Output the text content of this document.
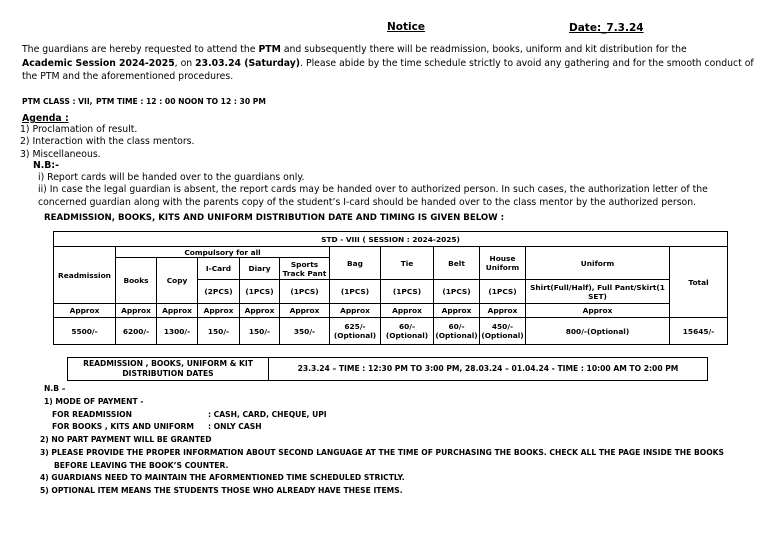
Notice	Date:_7.3.24
The guardians are hereby requested to attend the PTM and subsequently there will be readmission, books, uniform and kit distribution for the
Academic Session 2024-2025, on 23.03.24 (Saturday). Please abide by the time schedule strictly to avoid any gathering and for the smooth conduct of
the PTM and the aforementioned procedures.
PTM CLASS : VII, PTM TIME : 12 : 00 NOON TO 12 : 30 PM
Agenda :
1) Proclamation of result.
2) Interaction with the class mentors.
3) Miscellaneous.
N.B:-
i) Report cards will be handed over to the guardians only.
ii) In case the legal guardian is absent, the report cards may be handed over to authorized person. In such cases, the authorization letter of the
concerned guardian along with the parents copy of the student’s I-card should be handed over to the class mentor by the authorized person.
READMISSION, BOOKS, KITS AND UNIFORM DISTRIBUTION DATE AND TIMING IS GIVEN BELOW :
STD - VIII ( SESSION : 2024-2025)											
Readmission	Compulsory for all					Bag	Tie	Belt	House Uniform	Uniform	Total
	Books	Copy	I-Card	Diary	Sports Track Pant						
			(2PCS)	(1PCS)	(1PCS)	(1PCS)	(1PCS)	(1PCS)	(1PCS)	Shirt(Full/Half), Full Pant/Skirt(1 SET)	
Approx	Approx	Approx	Approx	Approx	Approx	Approx	Approx	Approx	Approx	Approx	
5500/-	6200/-	1300/-	150/-	150/-	350/-	625/- (Optional)	60/- (Optional)	60/- (Optional)	450/- (Optional)	800/-(Optional)	15645/-
READMISSION , BOOKS, UNIFORM & KIT DISTRIBUTION DATES	23.3.24 – TIME : 12:30 PM TO 3:00 PM, 28.03.24 – 01.04.24 - TIME : 10:00 AM TO 2:00 PM
N.B –
1) MODE OF PAYMENT -
FOR READMISSION	: CASH, CARD, CHEQUE, UPI
FOR BOOKS , KITS AND UNIFORM : ONLY CASH
2) NO PART PAYMENT WILL BE GRANTED
3) PLEASE PROVIDE THE PROPER INFORMATION ABOUT SECOND LANGUAGE AT THE TIME OF PURCHASING THE BOOKS. CHECK ALL THE PAGE INSIDE THE BOOKS
BEFORE LEAVING THE BOOK’S COUNTER.
4) GUARDIANS NEED TO MAINTAIN THE AFORMENTIONED TIME SCHEDULED STRICTLY.
5) OPTIONAL ITEM MEANS THE STUDENTS THOSE WHO ALREADY HAVE THESE ITEMS.
